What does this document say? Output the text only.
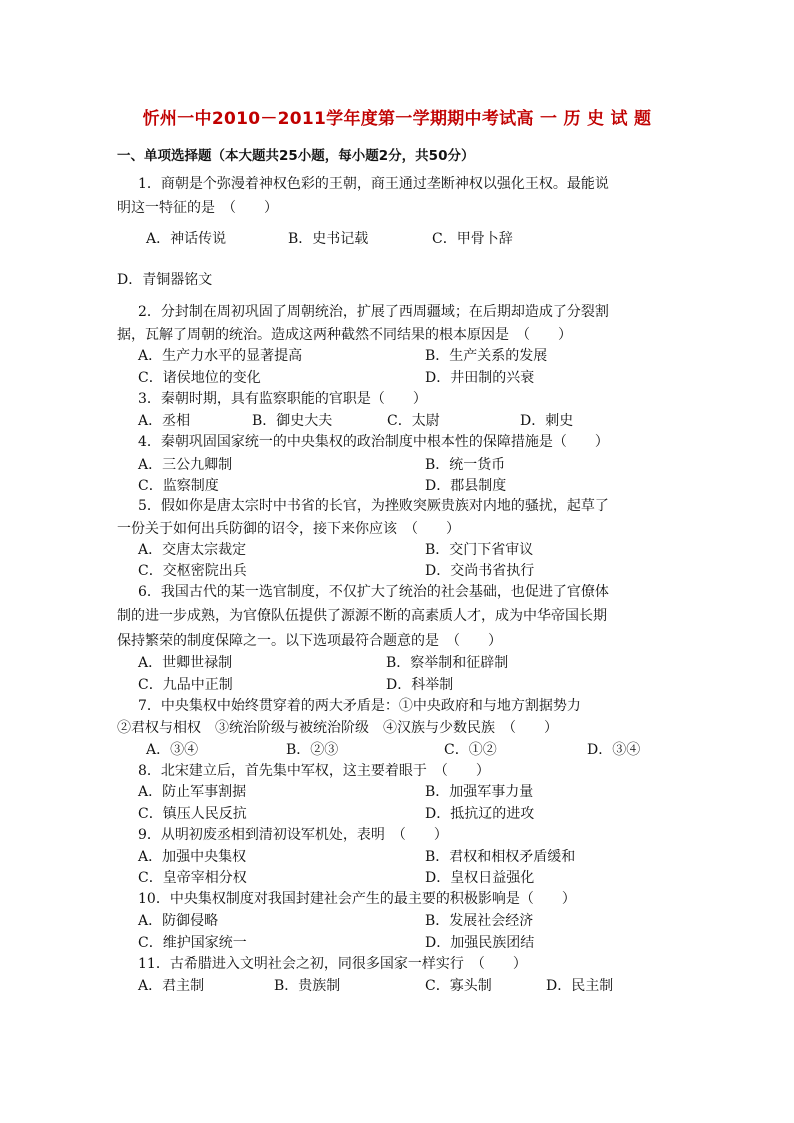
忻州一中2010－2011学年度第一学期期中考试高 一 历 史 试 题
一、单项选择题（本大题共25小题，每小题2分，共50分）
1．商朝是个弥漫着神权色彩的王朝，商王通过垄断神权以强化王权。最能说
明这一特征的是　（　　）
A．神话传说	B．史书记载	C．甲骨卜辞
D．青铜器铭文
2．分封制在周初巩固了周朝统治，扩展了西周疆域；在后期却造成了分裂割
据，瓦解了周朝的统治。造成这两种截然不同结果的根本原因是　（　　）
A．生产力水平的显著提高	B．生产关系的发展
C．诸侯地位的变化	D．井田制的兴衰
3．秦朝时期，具有监察职能的官职是（　　）
A．丞相	B．御史大夫	C．太尉	D．刺史
4．秦朝巩固国家统一的中央集权的政治制度中根本性的保障措施是（　　）
A．三公九卿制	B．统一货币
C．监察制度	D．郡县制度
5．假如你是唐太宗时中书省的长官，为挫败突厥贵族对内地的骚扰，起草了
一份关于如何出兵防御的诏令，接下来你应该　（　　）
A．交唐太宗裁定	B．交门下省审议
C．交枢密院出兵	D．交尚书省执行
6．我国古代的某一选官制度，不仅扩大了统治的社会基础，也促进了官僚体
制的进一步成熟，为官僚队伍提供了源源不断的高素质人才，成为中华帝国长期
保持繁荣的制度保障之一。以下选项最符合题意的是　（　　）
A．世卿世禄制	B．察举制和征辟制
C．九品中正制	D．科举制
7．中央集权中始终贯穿着的两大矛盾是：①中央政府和与地方割据势力
②君权与相权　③统治阶级与被统治阶级　④汉族与少数民族　（　　）
A．③④	B．②③	C．①②	D．③④
8．北宋建立后，首先集中军权，这主要着眼于　（　　）
A．防止军事割据	B．加强军事力量
C．镇压人民反抗	D．抵抗辽的进攻
9．从明初废丞相到清初设军机处，表明　（　　）
A．加强中央集权	B．君权和相权矛盾缓和
C．皇帝宰相分权	D．皇权日益强化
10．中央集权制度对我国封建社会产生的最主要的积极影响是（　　）
A．防御侵略	B．发展社会经济
C．维护国家统一	D．加强民族团结
11．古希腊进入文明社会之初，同很多国家一样实行　（　　）
A．君主制	B．贵族制	C．寡头制	D．民主制
